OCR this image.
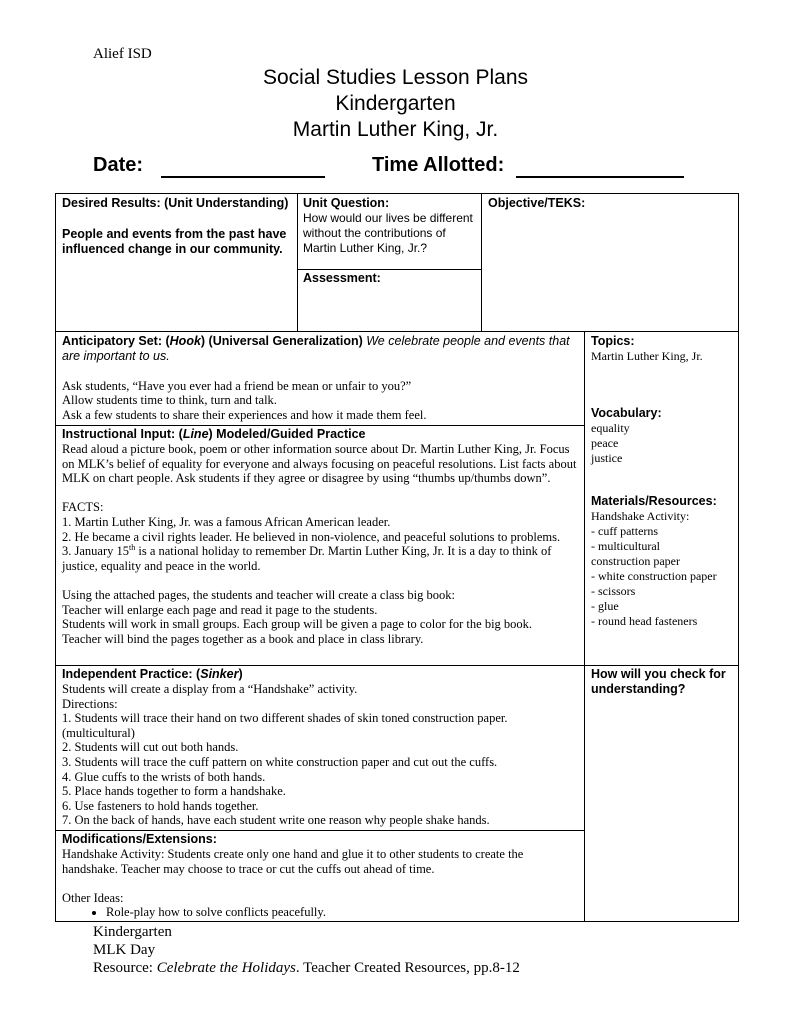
Alief ISD
Social Studies Lesson Plans
Kindergarten
Martin Luther King, Jr.
Date:	Time Allotted:
Desired Results: (Unit Understanding)
People and events from the past have influenced change in our community.
Unit Question:
How would our lives be different without the contributions of Martin Luther King, Jr.?
Assessment:
Objective/TEKS:
Anticipatory Set: (Hook) (Universal Generalization) We celebrate people and events that are important to us.

Ask students, “Have you ever had a friend be mean or unfair to you?”

Allow students time to think, turn and talk.

Ask a few students to share their experiences and how it made them feel.

Instructional Input: (Line) Modeled/Guided Practice

Read aloud a picture book, poem or other information source about Dr. Martin Luther King, Jr. Focus on MLK’s belief of equality for everyone and always focusing on peaceful resolutions. List facts about MLK on chart people. Ask students if they agree or disagree by using “thumbs up/thumbs down”.

FACTS:

1. Martin Luther King, Jr. was a famous African American leader.

2. He became a civil rights leader. He believed in non-violence, and peaceful solutions to problems.

3. January 15th is a national holiday to remember Dr. Martin Luther King, Jr. It is a day to think of justice, equality and peace in the world.

Using the attached pages, the students and teacher will create a class big book:

Teacher will enlarge each page and read it page to the students.

Students will work in small groups. Each group will be given a page to color for the big book.

Teacher will bind the pages together as a book and place in class library.

Independent Practice: (Sinker)

Students will create a display from a “Handshake” activity.

Directions:

1. Students will trace their hand on two different shades of skin toned construction paper. (multicultural)

2. Students will cut out both hands.

3. Students will trace the cuff pattern on white construction paper and cut out the cuffs.

4. Glue cuffs to the wrists of both hands.

5. Place hands together to form a handshake.

6. Use fasteners to hold hands together.

7. On the back of hands, have each student write one reason why people shake hands.

Modifications/Extensions:

Handshake Activity: Students create only one hand and glue it to other students to create the handshake. Teacher may choose to trace or cut the cuffs out ahead of time.

Other Ideas:

• Role-play how to solve conflicts peacefully.
Topics:
Martin Luther King, Jr.
Vocabulary:

equality

peace

justice

Materials/Resources:

Handshake Activity:

- cuff patterns

- multicultural

construction paper

- white construction paper

- scissors

- glue

- round head fasteners

How will you check for understanding?
Kindergarten
MLK Day
Resource: Celebrate the Holidays. Teacher Created Resources, pp.8-12
